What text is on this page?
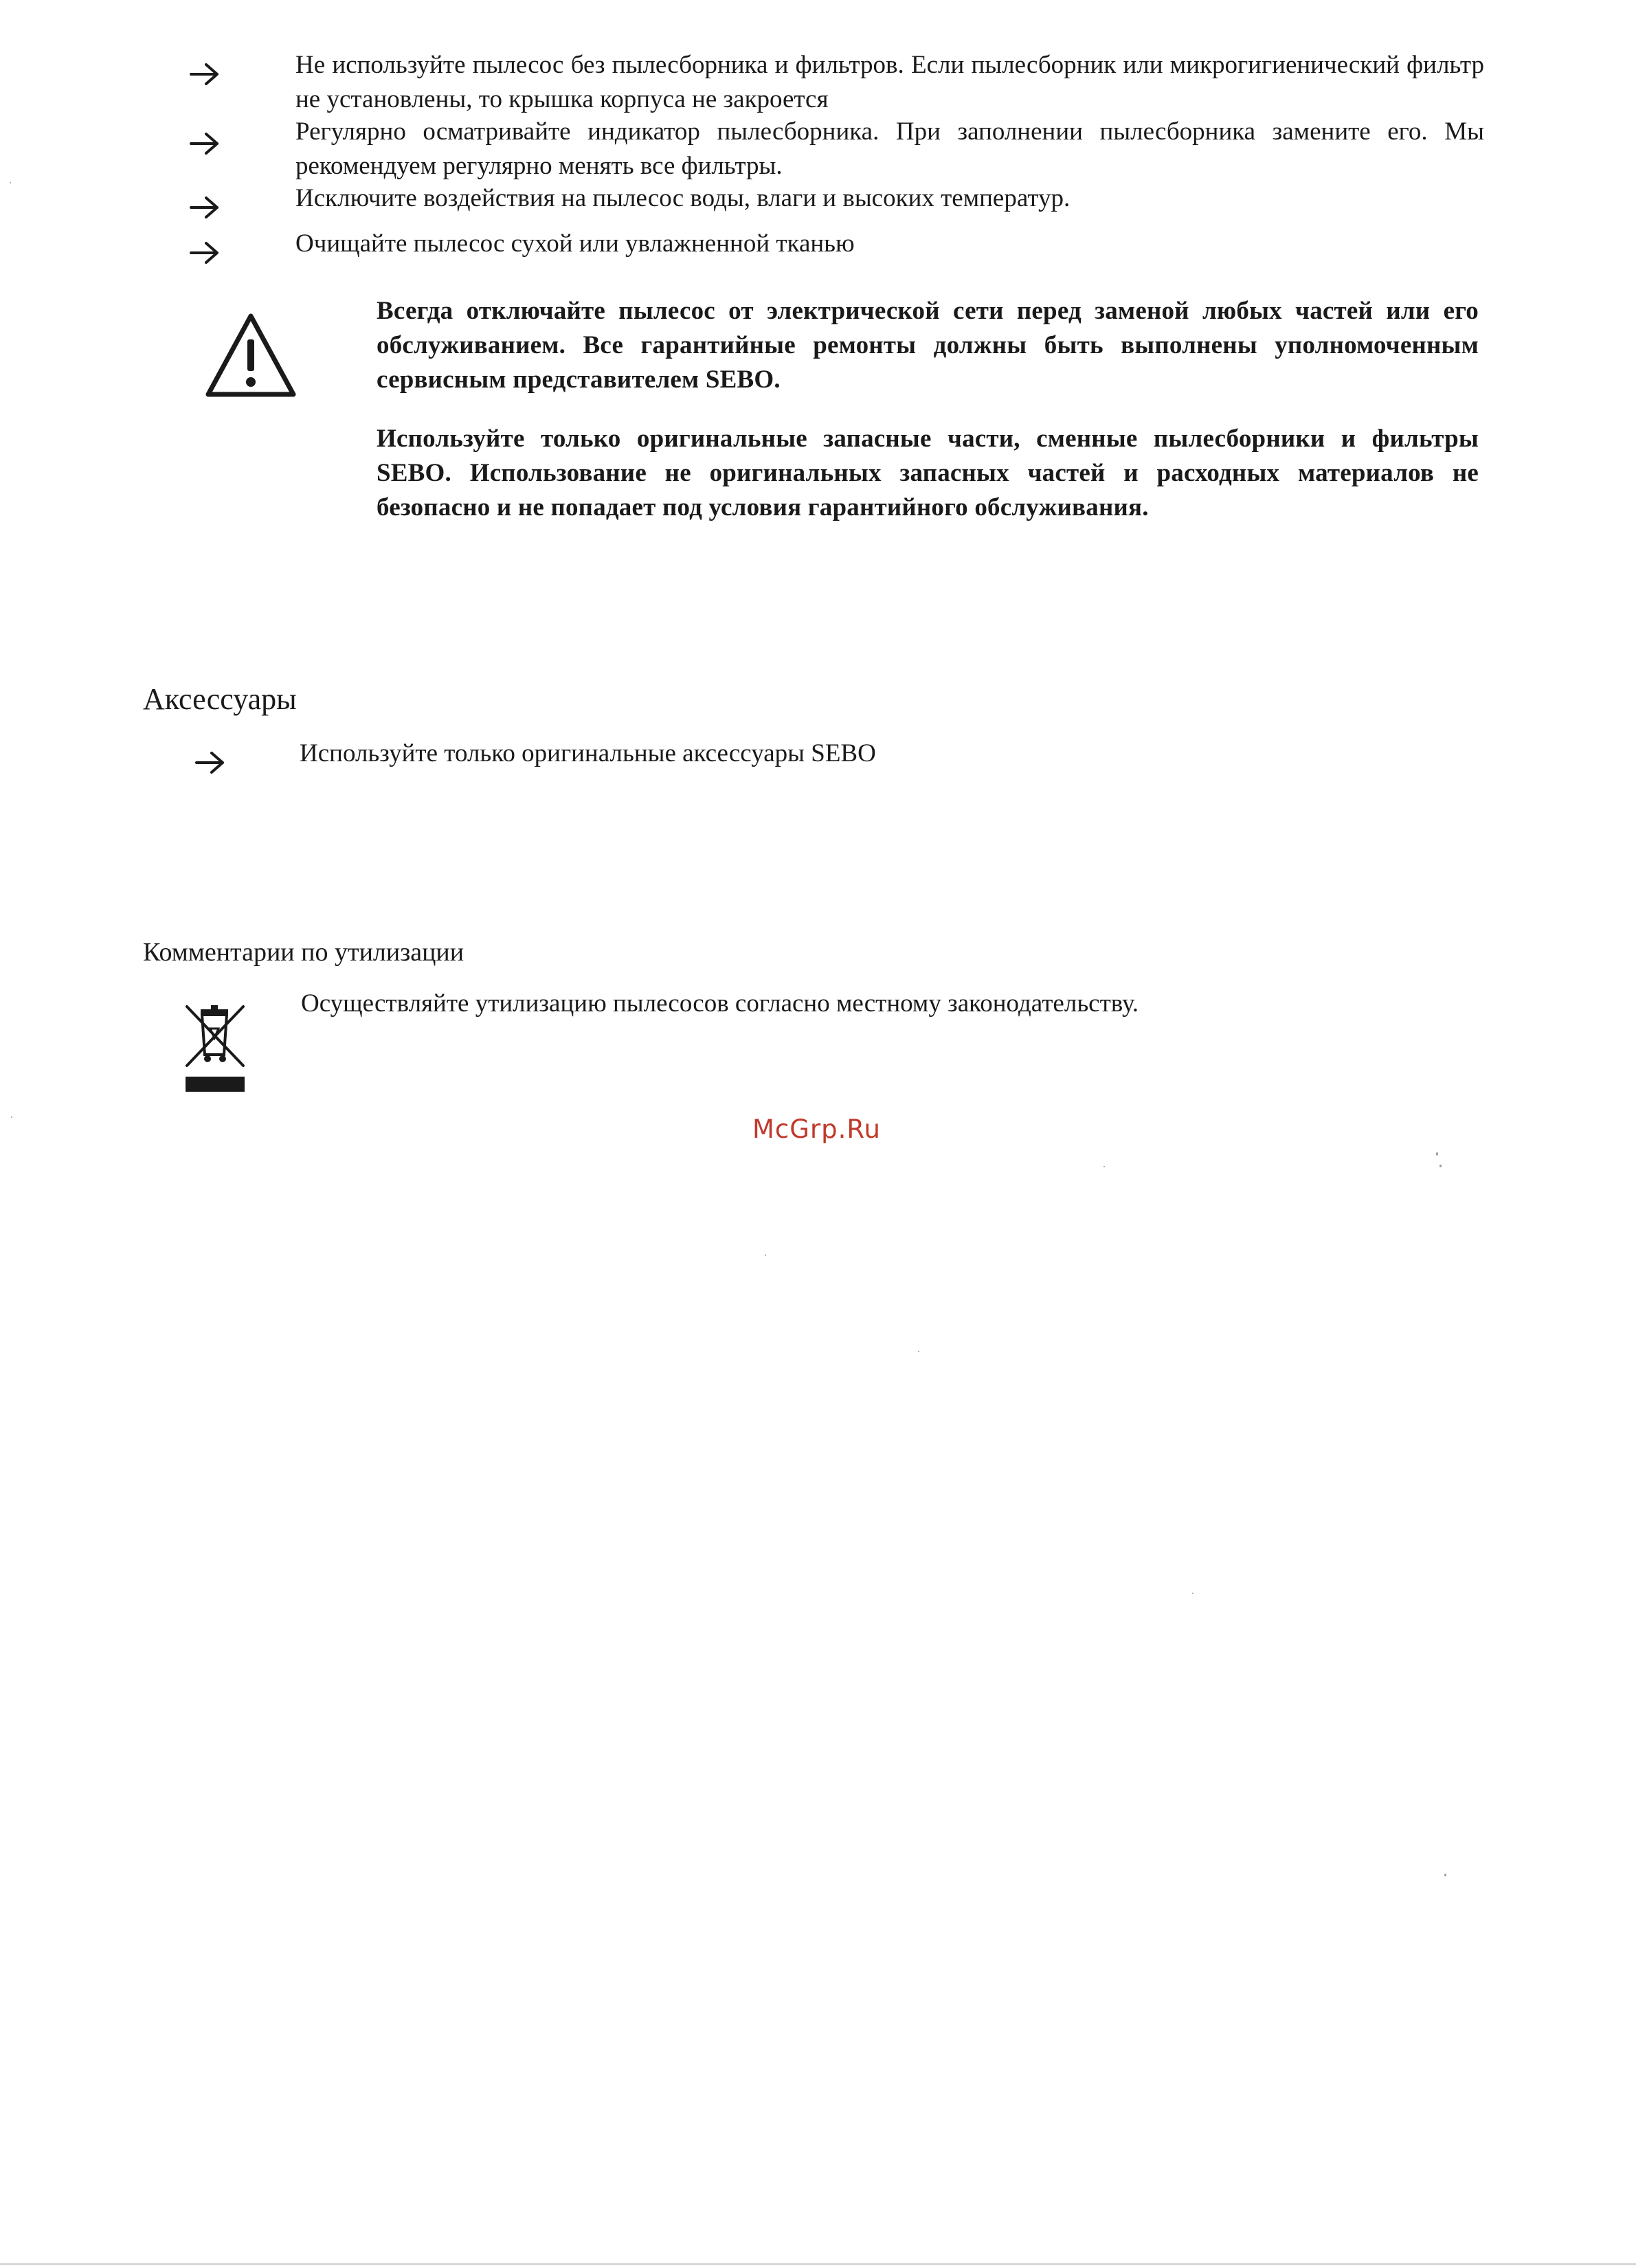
Не используйте пылесос без пылесборника и фильтров. Если пылесборник или микрогигиенический фильтр не установлены, то крышка корпуса не закроется
Регулярно осматривайте индикатор пылесборника. При заполнении пылесборника замените его. Мы рекомендуем регулярно менять все фильтры.
Исключите воздействия на пылесос воды, влаги и высоких температур.
Очищайте пылесос сухой или увлажненной тканью
Всегда отключайте пылесос от электрической сети перед заменой любых частей или его обслуживанием. Все гарантийные ремонты должны быть выполнены уполномоченным сервисным представителем SEBO.
Используйте только оригинальные запасные части, сменные пылесборники и фильтры SEBO. Использование не оригинальных запасных частей и расходных материалов не безопасно и не попадает под условия гарантийного обслуживания.
Аксессуары
Используйте только оригинальные аксессуары SEBO
Комментарии по утилизации
Осуществляйте утилизацию пылесосов согласно местному законодательству.
McGrp.Ru
